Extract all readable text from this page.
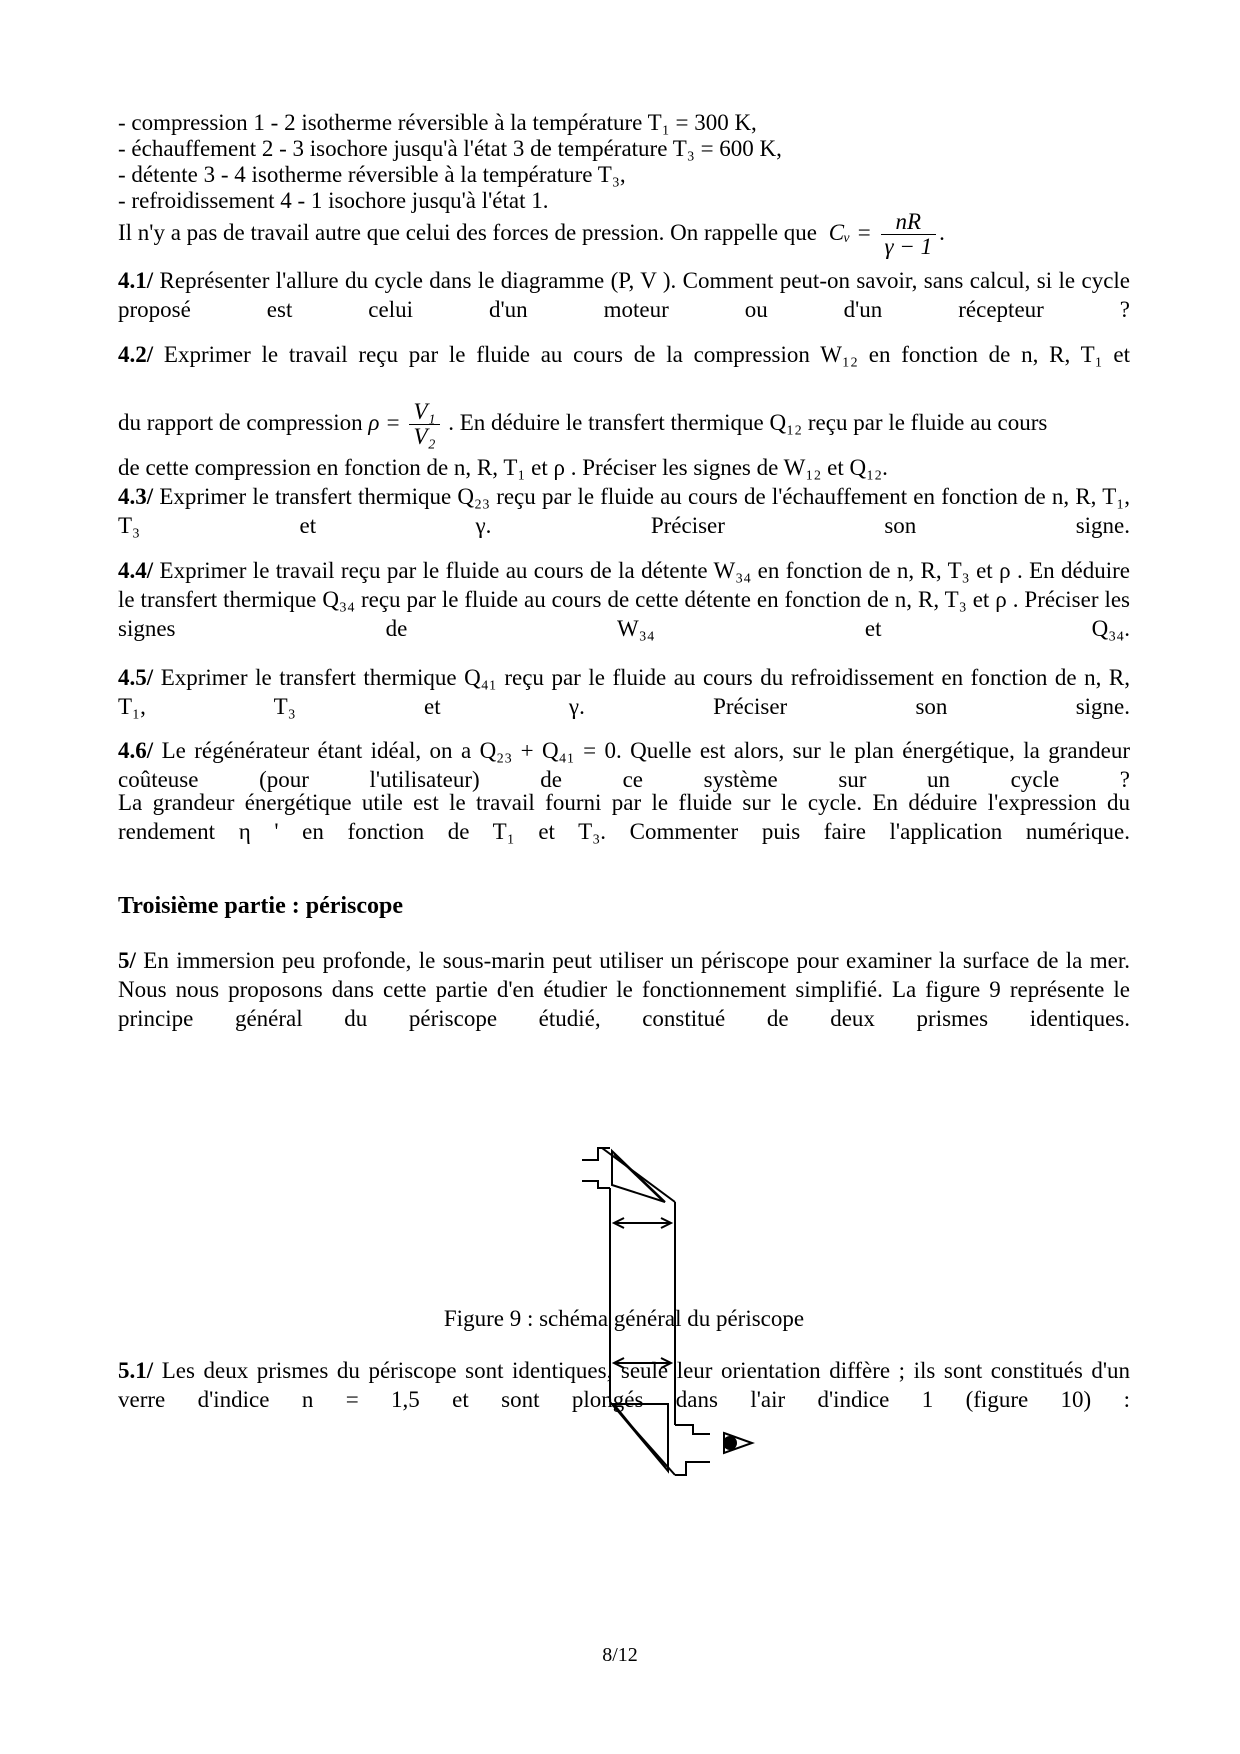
- compression 1 - 2 isotherme réversible à la température T₁ = 300 K,
- échauffement 2 - 3 isochore jusqu'à l'état 3 de température T₃ = 600 K,
- détente 3 - 4 isotherme réversible à la température T₃,
- refroidissement 4 - 1 isochore jusqu'à l'état 1.
Il n'y a pas de travail autre que celui des forces de pression. On rappelle que Cᵥ = $\frac{nR}{\gamma - 1}$ .
4.1/ Représenter l'allure du cycle dans le diagramme (P, V ). Comment peut-on savoir, sans calcul, si le cycle proposé est celui d'un moteur ou d'un récepteur ?
4.2/ Exprimer le travail reçu par le fluide au cours de la compression W₁₂ en fonction de n, R, T₁ et
du rapport de compression $\rho = \frac{\text{V₁}}{\text{V₂}}$ . En déduire le transfert thermique Q₁₂ reçu par le fluide au cours
de cette compression en fonction de n, R, T₁ et ρ . Préciser les signes de W₁₂ et Q₁₂.
4.3/ Exprimer le transfert thermique Q₂₃ reçu par le fluide au cours de l'échauffement en fonction de n, R, T₁, T₃ et γ. Préciser son signe.
4.4/ Exprimer le travail reçu par le fluide au cours de la détente W₃₄ en fonction de n, R, T₃ et ρ . En déduire le transfert thermique Q₃₄ reçu par le fluide au cours de cette détente en fonction de n, R, T₃ et ρ . Préciser les signes de W₃₄ et Q₃₄.
4.5/ Exprimer le transfert thermique Q₄₁ reçu par le fluide au cours du refroidissement en fonction de n, R, T₁, T₃ et γ. Préciser son signe.
4.6/ Le régénérateur étant idéal, on a Q₂₃ + Q₄₁ = 0. Quelle est alors, sur le plan énergétique, la grandeur coûteuse (pour l'utilisateur) de ce système sur un cycle ?
La grandeur énergétique utile est le travail fourni par le fluide sur le cycle. En déduire l'expression du rendement η ' en fonction de T₁ et T₃. Commenter puis faire l'application numérique.
Troisième partie : périscope
5/ En immersion peu profonde, le sous-marin peut utiliser un périscope pour examiner la surface de la mer. Nous nous proposons dans cette partie d'en étudier le fonctionnement simplifié. La figure 9 représente le principe général du périscope étudié, constitué de deux prismes identiques.
Figure 9 : schéma général du périscope
5.1/ Les deux prismes du périscope sont identiques, seule leur orientation diffère ; ils sont constitués d'un verre d'indice n = 1,5 et sont plongés dans l'air d'indice 1 (figure 10) :
8/12
